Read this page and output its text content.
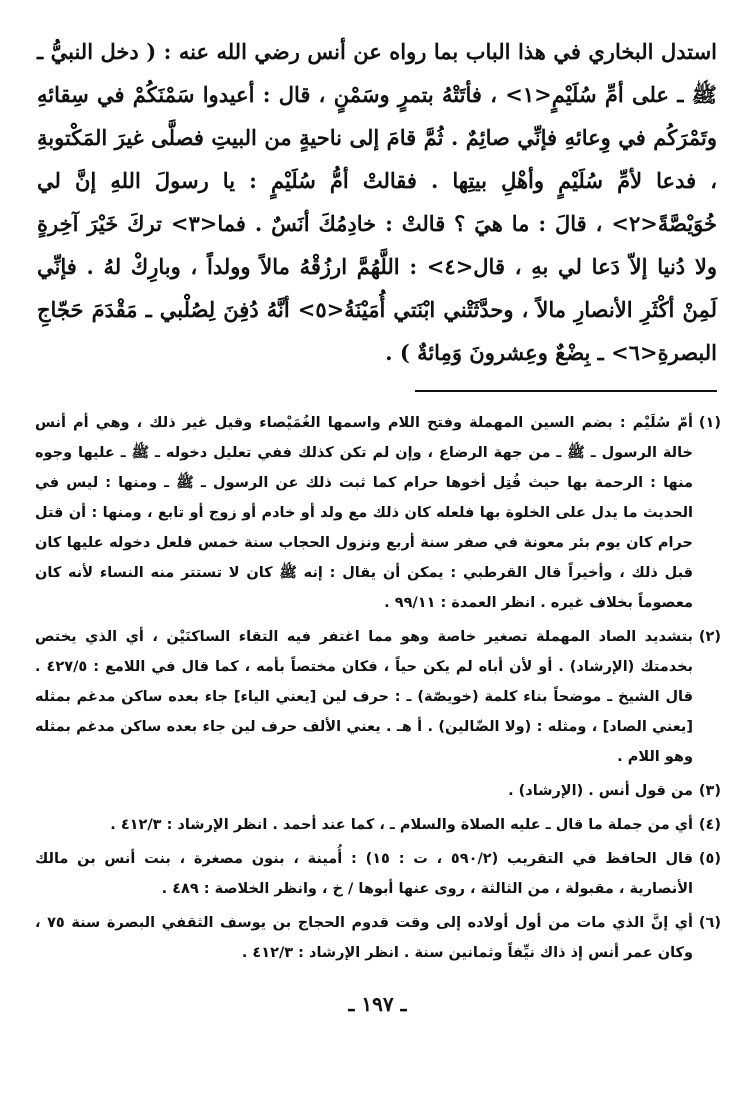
استدل البخاري في هذا الباب بما رواه عن أنس رضي الله عنه : ( دخل النبيُّ ـ ﷺ ـ على أمِّ سُلَيْمٍ<١> ، فأتَتْهُ بتمرٍ وسَمْنٍ ، قال : أعيدوا سَمْنَكُمْ في سِقائهِ وتَمْرَكُم في وِعائهِ فإنِّي صائِمٌ . ثُمَّ قامَ إلى ناحيةٍ من البيتِ فصلَّى غيرَ المَكْتوبةِ ، فدعا لأمِّ سُلَيْمٍ وأهْلِ بيتِها . فقالتْ أمُّ سُلَيْمٍ : يا رسولَ اللهِ إنَّ لي خُوَيْصَّةً<٢> ، قالَ : ما هيَ ؟ قالتْ : خادِمُكَ أنَسٌ . فما<٣> تركَ خَيْرَ آخِرةٍ ولا دُنيا إلاّ دَعا لي بهِ ، قال<٤> : اللَّهُمَّ ارزُقْهُ مالاً وولداً ، وبارِكْ لهُ . فإنِّي لَمِنْ أكْثَرِ الأنصارِ مالاً ، وحدَّثَتْني ابْنَتي أُمَيْنَةُ<٥> أنَّهُ دُفِنَ لِصُلْبي ـ مَقْدَمَ حَجّاجِ البصرةِ<٦> ـ بِضْعٌ وعِشرونَ وَمِائةٌ ) .

(١)
أمّ سُلَيْم : بضم السين المهملة وفتح اللام واسمها الغُمَيْصاء وقيل غير ذلك ، وهي أم أنس خالة الرسول ـ ﷺ ـ من جهة الرضاع ، وإن لم تكن كذلك ففي تعليل دخوله ـ ﷺ ـ عليها وجوه منها : الرحمة بها حيث قُتِل أخوها حرام كما ثبت ذلك عن الرسول ـ ﷺ ـ ومنها : ليس في الحديث ما يدل على الخلوة بها فلعله كان ذلك مع ولد أو خادم أو زوج أو تابع ، ومنها : أن قتل حرام كان يوم بئر معونة في صفر سنة أربع ونزول الحجاب سنة خمس فلعل دخوله عليها كان قبل ذلك ، وأخيراً قال القرطبي : يمكن أن يقال : إنه ﷺ كان لا تستتر منه النساء لأنه كان معصوماً بخلاف غيره . انظر العمدة : ٩٩/١١ .
(٢)
بتشديد الصاد المهملة تصغير خاصة وهو مما اغتفر فيه التقاء الساكنَيْن ، أي الذي يختص بخدمتك (الإرشاد) . أو لأن أباه لم يكن حياً ، فكان مختصاً بأمه ، كما قال في اللامع : ٤٢٧/٥ . قال الشيخ ـ موضحاً بناء كلمة (خويصّة) ـ : حرف لين [يعني الياء] جاء بعده ساكن مدغم بمثله [يعني الصاد] ، ومثله : (ولا الضّالين) . أ هـ . يعني الألف حرف لين جاء بعده ساكن مدغم بمثله وهو اللام .
(٣)
من قول أنس . (الإرشاد) .
(٤)
أي من جملة ما قال ـ عليه الصلاة والسلام ـ ، كما عند أحمد . انظر الإرشاد : ٤١٢/٣ .
(٥)
قال الحافظ في التقريب (٥٩٠/٢ ، ت : ١٥) : أُمينة ، بنون مصغرة ، بنت أنس بن مالك الأنصارية ، مقبولة ، من الثالثة ، روى عنها أبوها / خ ، وانظر الخلاصة : ٤٨٩ .
(٦)
أي إنَّ الذي مات من أول أولاده إلى وقت قدوم الحجاج بن يوسف الثقفي البصرة سنة ٧٥ ، وكان عمر أنس إذ ذاك نيِّفاً وثمانين سنة . انظر الإرشاد : ٤١٢/٣ .
ـ ١٩٧ ـ
